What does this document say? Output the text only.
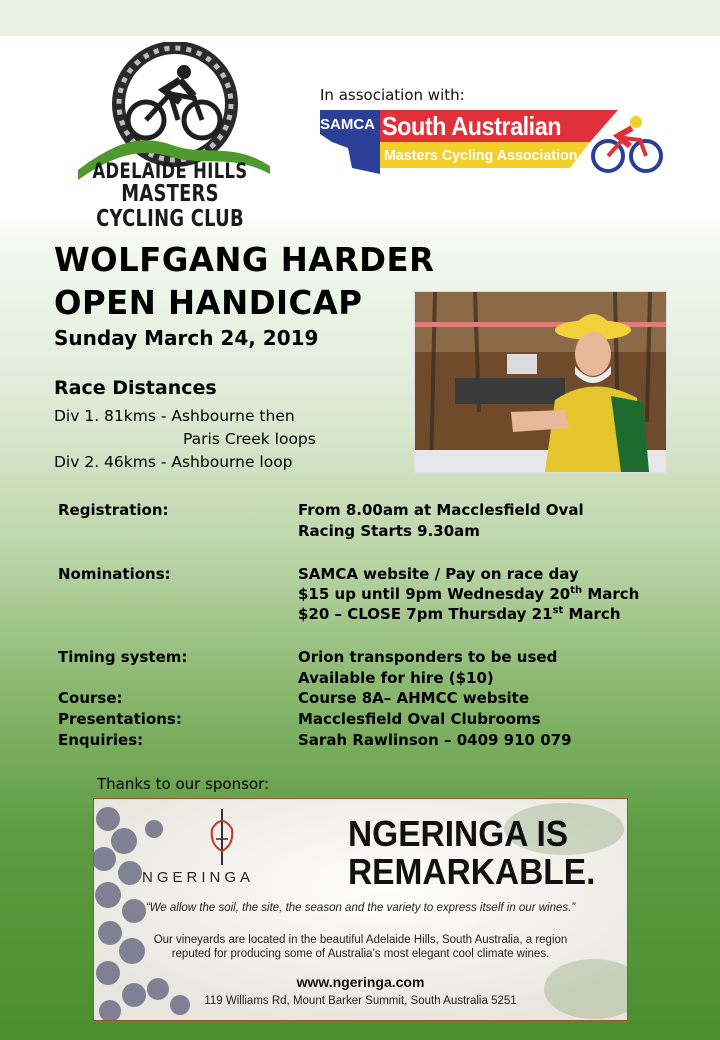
ADELAIDE HILLS
MASTERS CYCLING CLUB
In association with:
SAMCA South Australian
Masters Cycling Association
WOLFGANG HARDER
OPEN HANDICAP
Sunday March 24, 2019
Race Distances
Div 1. 81kms - Ashbourne then
Paris Creek loops
Div 2. 46kms - Ashbourne loop
Registration:	From 8.00am at Macclesfield Oval
Racing Starts 9.30am
Nominations:	SAMCA website / Pay on race day
$15 up until 9pm Wednesday 20th March
$20 – CLOSE 7pm Thursday 21st March
Timing system:	Orion transponders to be used
Available for hire ($10)
Course:	Course 8A– AHMCC website
Presentations:	Macclesfield Oval Clubrooms
Enquiries:	Sarah Rawlinson – 0409 910 079
Thanks to our sponsor:
NGERINGA
NGERINGA IS
REMARKABLE.
“We allow the soil, the site, the season and the variety to express itself in our wines.”
Our vineyards are located in the beautiful Adelaide Hills, South Australia, a region
reputed for producing some of Australia’s most elegant cool climate wines.
www.ngeringa.com
119 Williams Rd, Mount Barker Summit, South Australia 5251
